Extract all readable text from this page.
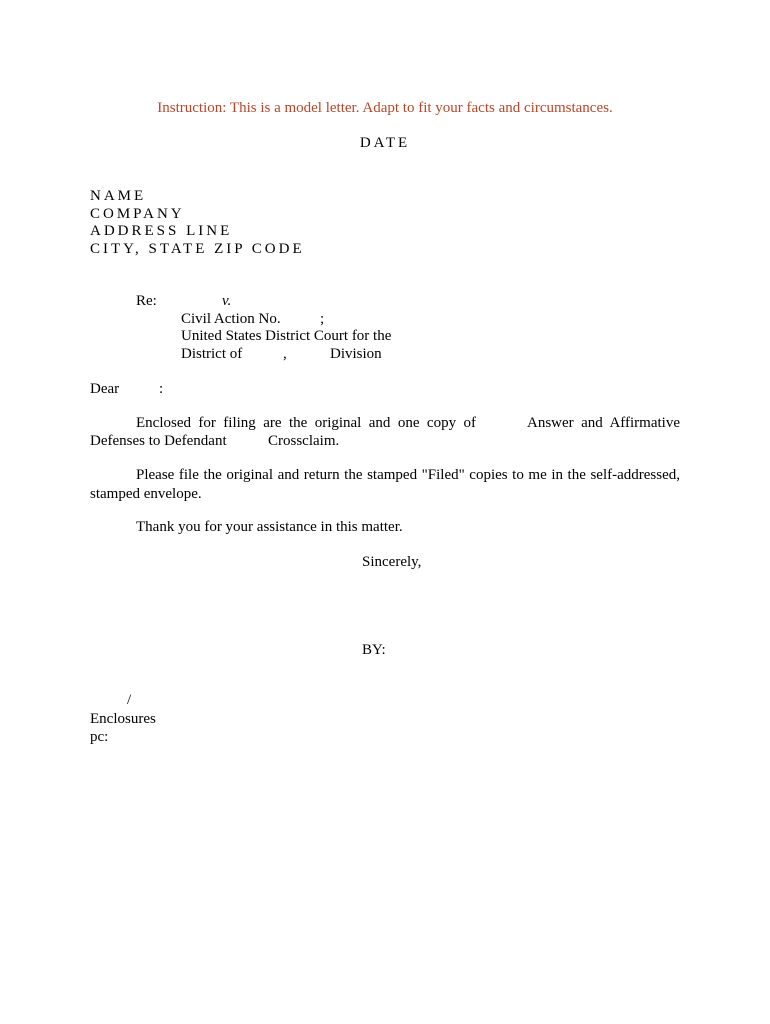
Instruction: This is a model letter. Adapt to fit your facts and circumstances.
DATE
NAME
COMPANY
ADDRESS LINE
CITY, STATE ZIP CODE
Re:	v.
Civil Action No.	;
United States District Court for the
District of	,	Division
Dear	:
Enclosed for filing are the original and one copy of	Answer and Affirmative
Defenses to Defendant	Crossclaim.
Please file the original and return the stamped "Filed" copies to me in the self-addressed, stamped envelope.
Thank you for your assistance in this matter.
Sincerely,
BY:
/
Enclosures
pc:
